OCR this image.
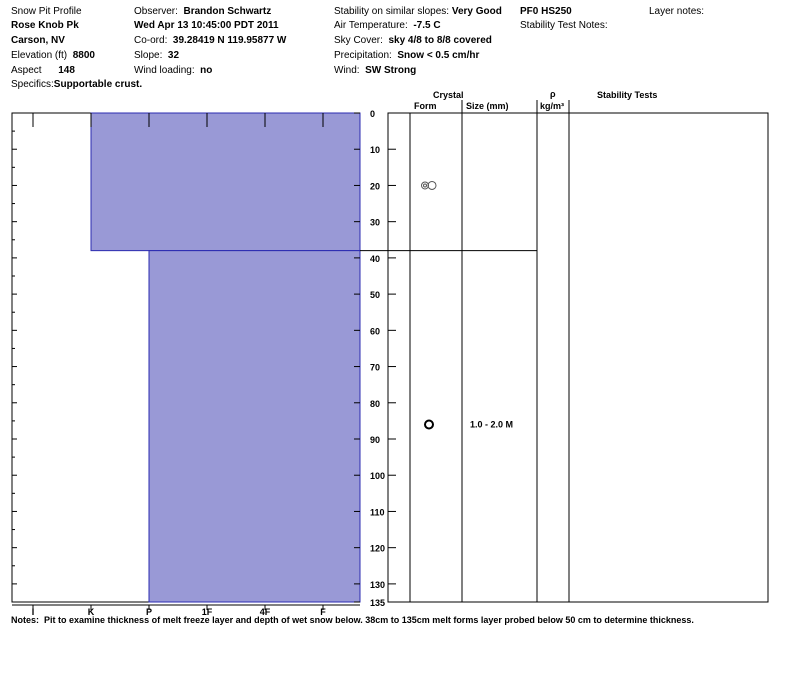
Snow Pit Profile
Rose Knob Pk
Carson, NV
Elevation (ft) 8800
Aspect 148
Specifics:Supportable crust.
Observer: Brandon Schwartz
Wed Apr 13 10:45:00 PDT 2011
Co-ord: 39.28419 N 119.95877 W
Slope: 32
Wind loading: no
Stability on similar slopes: Very Good
Air Temperature: -7.5 C
Sky Cover: sky 4/8 to 8/8 covered
Precipitation: Snow < 0.5 cm/hr
Wind: SW Strong
PF0 HS250
Stability Test Notes:
Layer notes:
Crystal
Form	Size (mm)
ρ
kg/m³
Stability Tests
0
10
20
30
40
50
60
70
80
90
100
110
120
130
135
I	K	P	1F	4F	F
1.0 - 2.0 M
Notes: Pit to examine thickness of melt freeze layer and depth of wet snow below. 38cm to 135cm melt forms layer probed below 50 cm to determine thickness.
